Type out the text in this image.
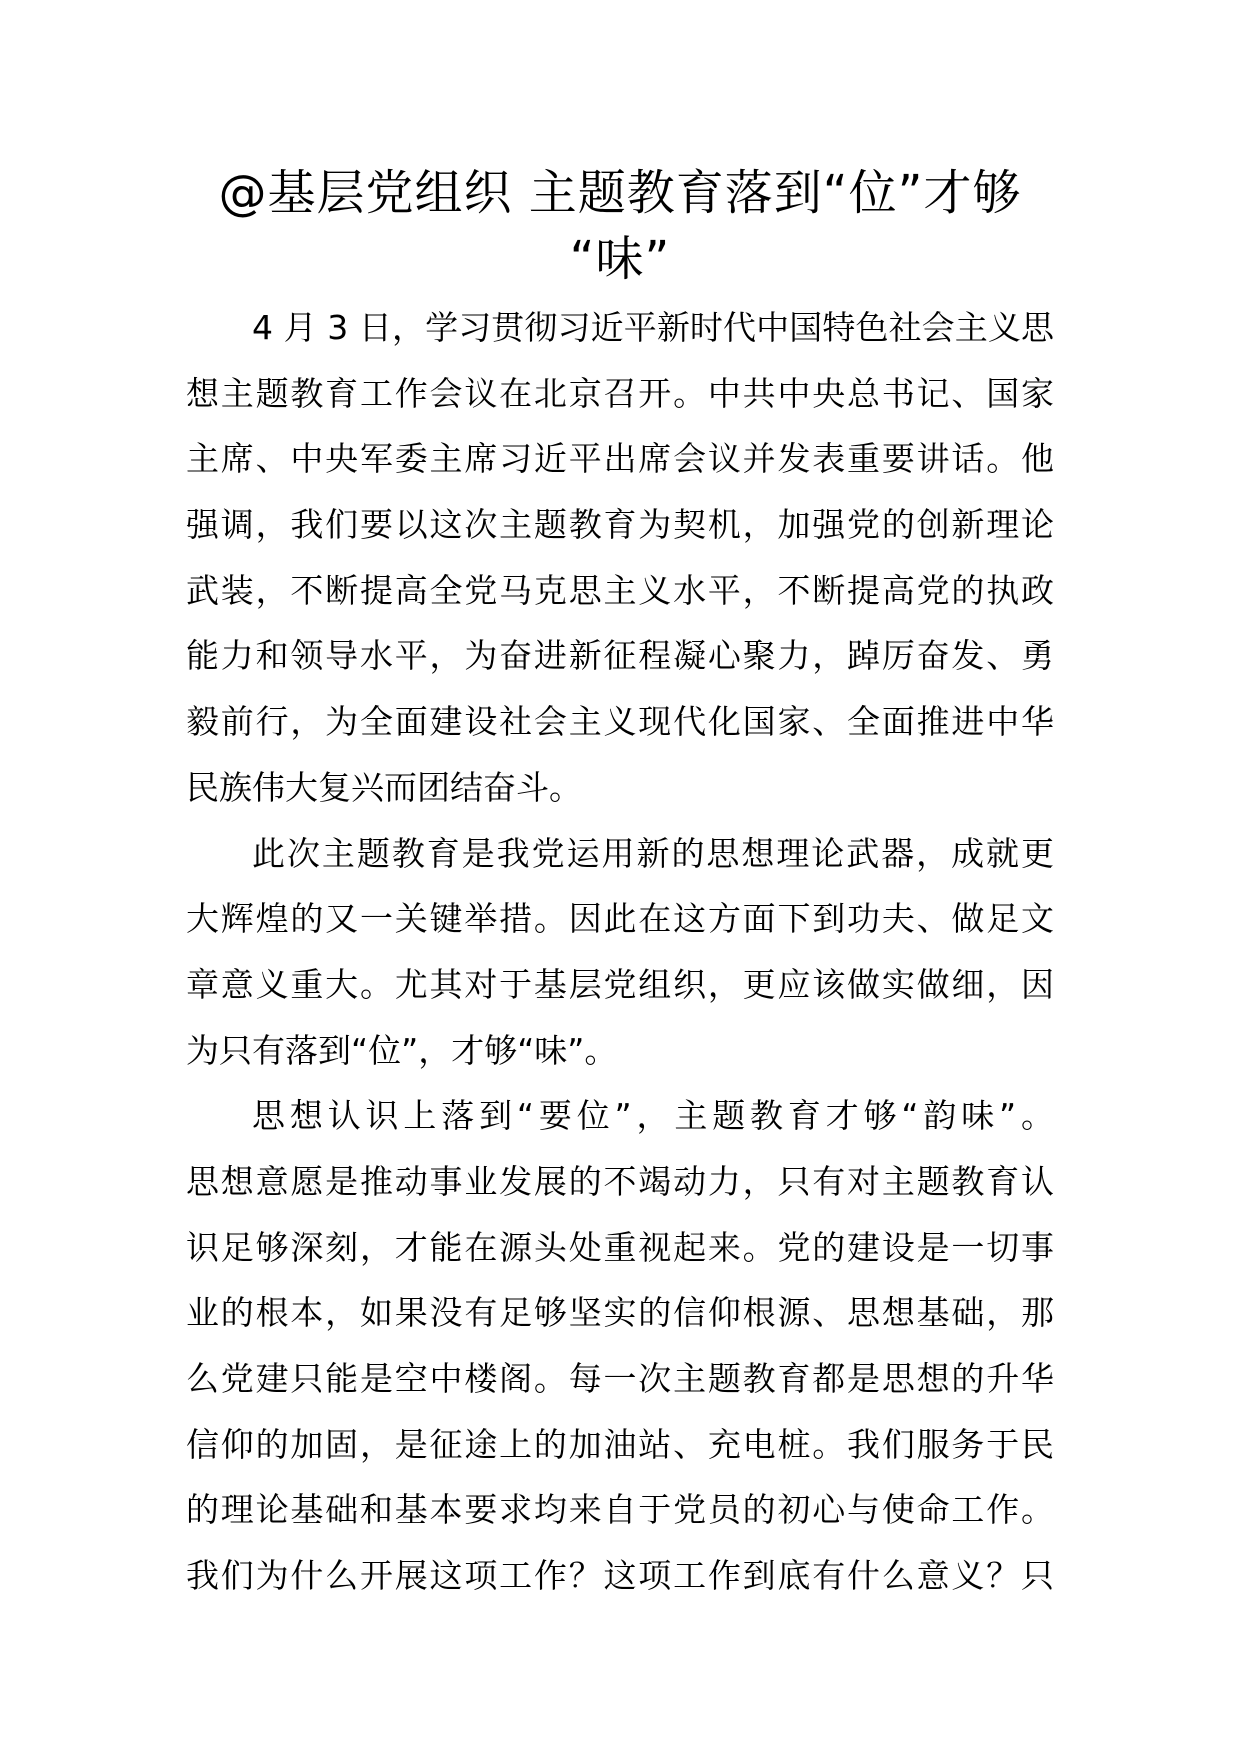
@基层党组织 主题教育落到“位”才够
“味”
4 月 3 日，学习贯彻习近平新时代中国特色社会主义思
想主题教育工作会议在北京召开。中共中央总书记、国家
主席、中央军委主席习近平出席会议并发表重要讲话。他
强调，我们要以这次主题教育为契机，加强党的创新理论
武装，不断提高全党马克思主义水平，不断提高党的执政
能力和领导水平，为奋进新征程凝心聚力，踔厉奋发、勇
毅前行，为全面建设社会主义现代化国家、全面推进中华
民族伟大复兴而团结奋斗。
此次主题教育是我党运用新的思想理论武器，成就更
大辉煌的又一关键举措。因此在这方面下到功夫、做足文
章意义重大。尤其对于基层党组织，更应该做实做细，因
为只有落到“位”，才够“味”。
思想认识上落到“要位”，主题教育才够“韵味”。
思想意愿是推动事业发展的不竭动力，只有对主题教育认
识足够深刻，才能在源头处重视起来。党的建设是一切事
业的根本，如果没有足够坚实的信仰根源、思想基础，那
么党建只能是空中楼阁。每一次主题教育都是思想的升华
信仰的加固，是征途上的加油站、充电桩。我们服务于民
的理论基础和基本要求均来自于党员的初心与使命工作。
我们为什么开展这项工作？这项工作到底有什么意义？只
